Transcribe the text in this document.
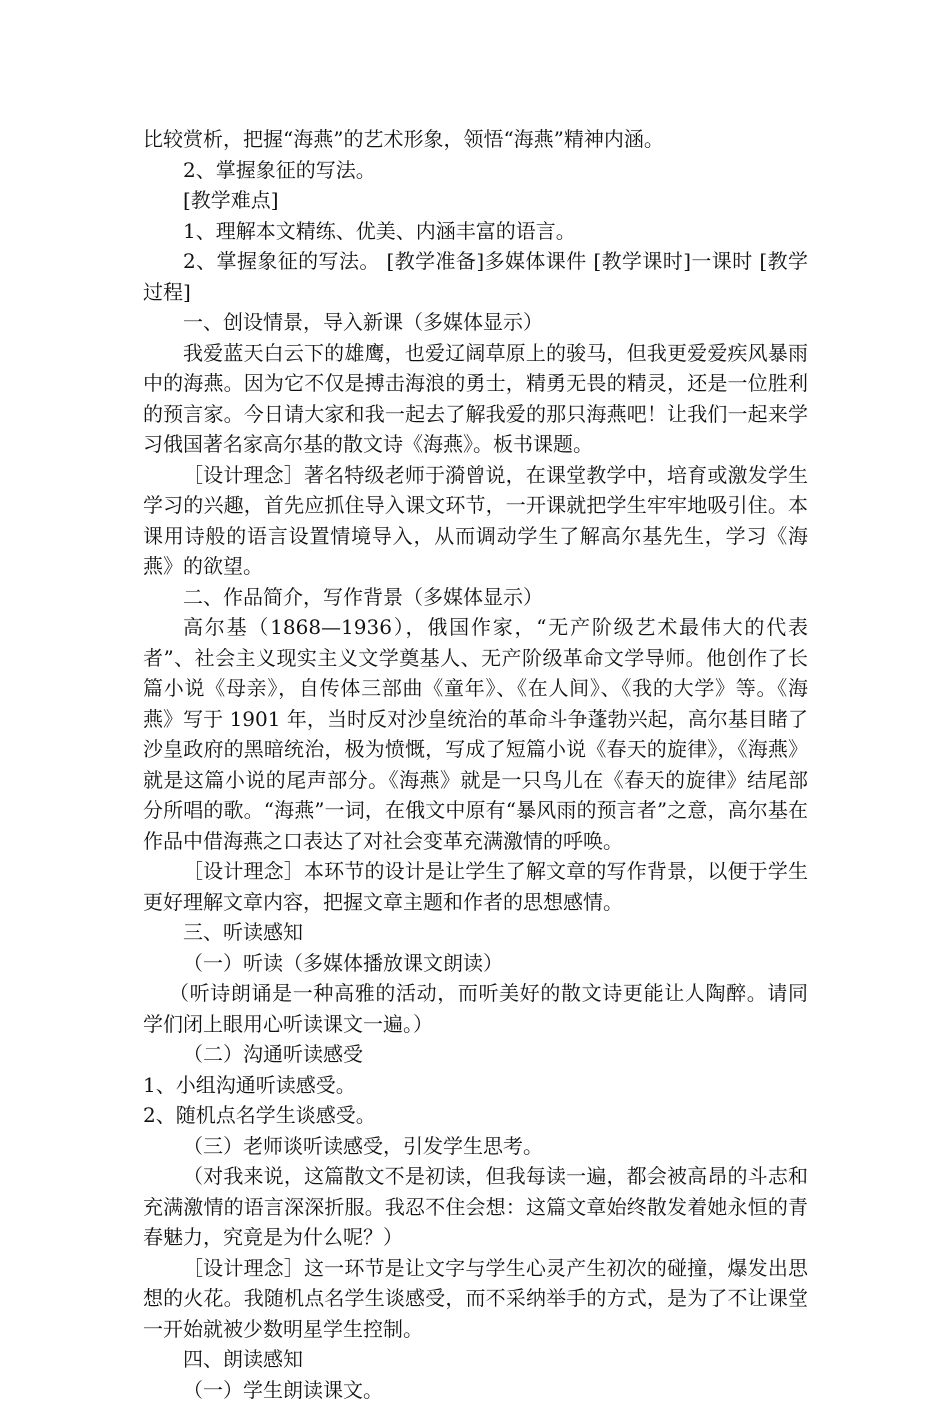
比较赏析，把握“海燕”的艺术形象，领悟“海燕”精神内涵。

2、掌握象征的写法。

[教学难点]

1、理解本文精练、优美、内涵丰富的语言。

2、掌握象征的写法。 [教学准备]多媒体课件 [教学课时]一课时 [教学过程]

一、创设情景，导入新课（多媒体显示）

我爱蓝天白云下的雄鹰，也爱辽阔草原上的骏马，但我更爱爱疾风暴雨中的海燕。因为它不仅是搏击海浪的勇士，精勇无畏的精灵，还是一位胜利的预言家。今日请大家和我一起去了解我爱的那只海燕吧！让我们一起来学习俄国著名家高尔基的散文诗《海燕》。板书课题。

［设计理念］著名特级老师于漪曾说，在课堂教学中，培育或激发学生学习的兴趣，首先应抓住导入课文环节，一开课就把学生牢牢地吸引住。本课用诗般的语言设置情境导入，从而调动学生了解高尔基先生，学习《海燕》的欲望。

二、作品简介，写作背景（多媒体显示）

高尔基（1868—1936），俄国作家，“无产阶级艺术最伟大的代表者”、社会主义现实主义文学奠基人、无产阶级革命文学导师。他创作了长篇小说《母亲》，自传体三部曲《童年》、《在人间》、《我的大学》等。《海燕》写于 1901 年，当时反对沙皇统治的革命斗争蓬勃兴起，高尔基目睹了沙皇政府的黑暗统治，极为愤慨，写成了短篇小说《春天的旋律》，《海燕》就是这篇小说的尾声部分。《海燕》就是一只鸟儿在《春天的旋律》结尾部分所唱的歌。“海燕”一词，在俄文中原有“暴风雨的预言者”之意，高尔基在作品中借海燕之口表达了对社会变革充满激情的呼唤。

［设计理念］本环节的设计是让学生了解文章的写作背景，以便于学生更好理解文章内容，把握文章主题和作者的思想感情。

三、听读感知

（一）听读（多媒体播放课文朗读）

（听诗朗诵是一种高雅的活动，而听美好的散文诗更能让人陶醉。请同学们闭上眼用心听读课文一遍。）

（二）沟通听读感受

1、小组沟通听读感受。

2、随机点名学生谈感受。

（三）老师谈听读感受，引发学生思考。

（对我来说，这篇散文不是初读，但我每读一遍，都会被高昂的斗志和充满激情的语言深深折服。我忍不住会想：这篇文章始终散发着她永恒的青春魅力，究竟是为什么呢？）

［设计理念］这一环节是让文字与学生心灵产生初次的碰撞，爆发出思想的火花。我随机点名学生谈感受，而不采纳举手的方式，是为了不让课堂一开始就被少数明星学生控制。

四、朗读感知

（一）学生朗读课文。
